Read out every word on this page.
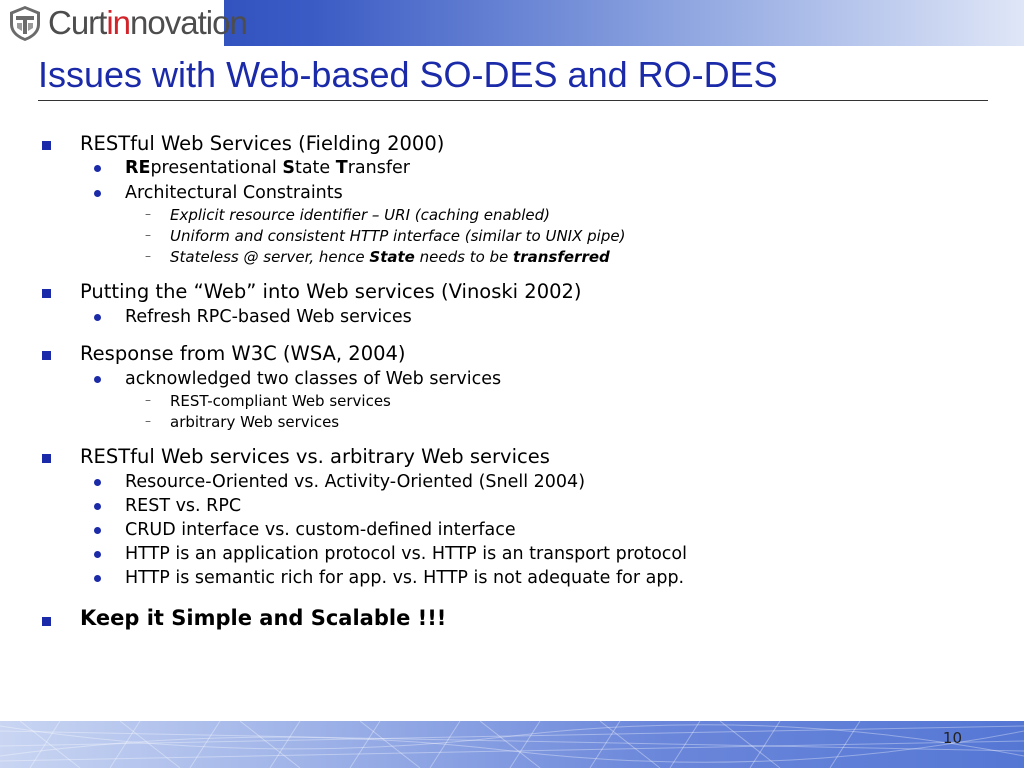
Curtinnovation
Issues with Web-based SO-DES and RO-DES
RESTful Web Services (Fielding 2000)
REpresentational State Transfer
Architectural Constraints
– Explicit resource identifier – URI (caching enabled)
– Uniform and consistent HTTP interface (similar to UNIX pipe)
– Stateless @ server, hence State needs to be transferred
Putting the “Web” into Web services (Vinoski 2002)
Refresh RPC-based Web services
Response from W3C (WSA, 2004)
acknowledged two classes of Web services
– REST-compliant Web services
– arbitrary Web services
RESTful Web services vs. arbitrary Web services
Resource-Oriented vs. Activity-Oriented (Snell 2004)
REST vs. RPC
CRUD interface vs. custom-defined interface
HTTP is an application protocol vs. HTTP is an transport protocol
HTTP is semantic rich for app. vs. HTTP is not adequate for app.
Keep it Simple and Scalable !!!
10
